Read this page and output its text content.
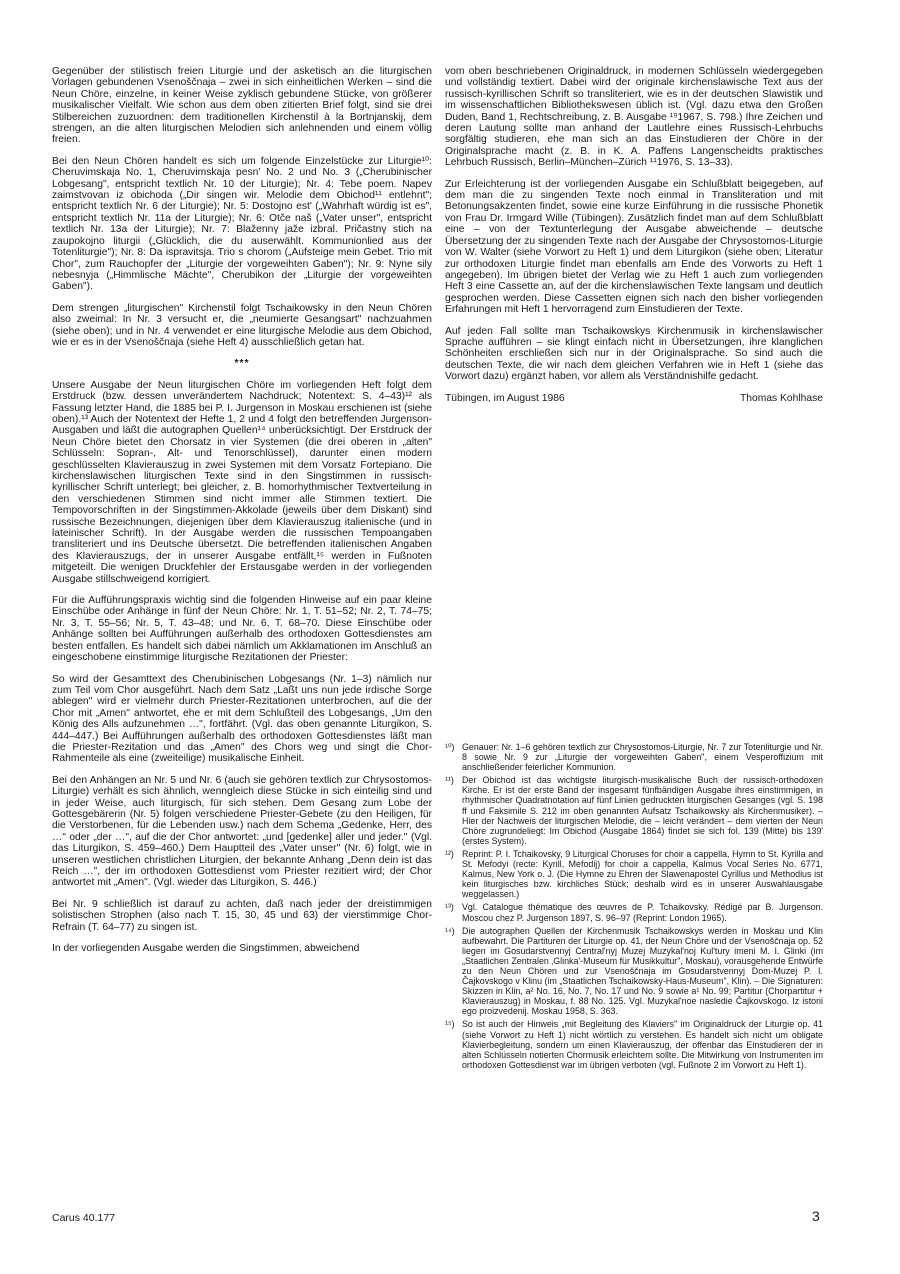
Gegenüber der stilistisch freien Liturgie und der asketisch an die liturgischen Vorlagen gebundenen Vsenoščnaja – zwei in sich einheitlichen Werken – sind die Neun Chöre, einzelne, in keiner Weise zyklisch gebundene Stücke, von größerer musikalischer Vielfalt. Wie schon aus dem oben zitierten Brief folgt, sind sie drei Stilbereichen zuzuordnen: dem traditionellen Kirchenstil à la Bortnjanskij, dem strengen, an die alten liturgischen Melodien sich anlehnenden und einem völlig freien.

Bei den Neun Chören handelt es sich um folgende Einzelstücke zur Liturgie¹⁰: Cheruvimskaja No. 1, Cheruvimskaja pesn' No. 2 und No. 3 („Cherubinischer Lobgesang", entspricht textlich Nr. 10 der Liturgie); Nr. 4: Tebe poem. Napev zaimstvovan iz obichoda („Dir singen wir. Melodie dem Obichod¹¹ entlehnt"; entspricht textlich Nr. 6 der Liturgie); Nr. 5: Dostojno est' („Wahrhaft würdig ist es", entspricht textlich Nr. 11a der Liturgie); Nr. 6: Otče naš („Vater unser", entspricht textlich Nr. 13a der Liturgie); Nr. 7: Blažennү jaže izbral. Pričastnү stich na zaupokojno liturgii („Glücklich, die du auserwählt. Kommunionlied aus der Totenliturgie"); Nr. 8: Da ispravitsja. Trio s chorom („Aufsteige mein Gebet. Trio mit Chor", zum Rauchopfer der „Liturgie der vorgeweihten Gaben"); Nr. 9: Nyne sily nebesnyja („Himmlische Mächte", Cherubikon der „Liturgie der vorgeweihten Gaben").

Dem strengen „liturgischen" Kirchenstil folgt Tschaikowsky in den Neun Chören also zweimal: In Nr. 3 versucht er, die „neumierte Gesangsart" nachzuahmen (siehe oben); und in Nr. 4 verwendet er eine liturgische Melodie aus dem Obichod, wie er es in der Vsenoščnaja (siehe Heft 4) ausschließlich getan hat.

***

Unsere Ausgabe der Neun liturgischen Chöre im vorliegenden Heft folgt dem Erstdruck (bzw. dessen unverändertem Nachdruck; Notentext: S. 4–43)¹² als Fassung letzter Hand, die 1885 bei P. I. Jurgenson in Moskau erschienen ist (siehe oben).¹³ Auch der Notentext der Hefte 1, 2 und 4 folgt den betreffenden Jurgenson-Ausgaben und läßt die autographen Quellen¹⁴ unberücksichtigt. Der Erstdruck der Neun Chöre bietet den Chorsatz in vier Systemen (die drei oberen in „alten" Schlüsseln: Sopran-, Alt- und Tenorschlüssel), darunter einen modern geschlüsselten Klavierauszug in zwei Systemen mit dem Vorsatz Fortepiano. Die kirchenslawischen liturgischen Texte sind in den Singstimmen in russisch-kyrillischer Schrift unterlegt; bei gleicher, z. B. homorhythmischer Textverteilung in den verschiedenen Stimmen sind nicht immer alle Stimmen textiert. Die Tempovorschriften in der Singstimmen-Akkolade (jeweils über dem Diskant) sind russische Bezeichnungen, diejenigen über dem Klavierauszug italienische (und in lateinischer Schrift). In der Ausgabe werden die russischen Tempoangaben transliteriert und ins Deutsche übersetzt. Die betreffenden italienischen Angaben des Klavierauszugs, der in unserer Ausgabe entfällt,¹⁵ werden in Fußnoten mitgeteilt. Die wenigen Druckfehler der Erstausgabe werden in der vorliegenden Ausgabe stillschweigend korrigiert.

Für die Aufführungspraxis wichtig sind die folgenden Hinweise auf ein paar kleine Einschübe oder Anhänge in fünf der Neun Chöre: Nr. 1, T. 51–52; Nr. 2, T. 74–75; Nr. 3, T. 55–56; Nr. 5, T. 43–48; und Nr. 6, T. 68–70. Diese Einschübe oder Anhänge sollten bei Aufführungen außerhalb des orthodoxen Gottesdienstes am besten entfallen. Es handelt sich dabei nämlich um Akklamationen im Anschluß an eingeschobene einstimmige liturgische Rezitationen der Priester:

So wird der Gesamttext des Cherubinischen Lobgesangs (Nr. 1–3) nämlich nur zum Teil vom Chor ausgeführt. Nach dem Satz „Laßt uns nun jede irdische Sorge ablegen" wird er vielmehr durch Priester-Rezitationen unterbrochen, auf die der Chor mit „Amen" antwortet, ehe er mit dem Schlußteil des Lobgesangs, „Um den König des Alls aufzunehmen …", fortfährt. (Vgl. das oben genannte Liturgikon, S. 444–447.) Bei Aufführungen außerhalb des orthodoxen Gottesdienstes läßt man die Priester-Rezitation und das „Amen" des Chors weg und singt die Chor-Rahmenteile als eine (zweiteilige) musikalische Einheit.

Bei den Anhängen an Nr. 5 und Nr. 6 (auch sie gehören textlich zur Chrysostomos-Liturgie) verhält es sich ähnlich, wenngleich diese Stücke in sich einteilig sind und in jeder Weise, auch liturgisch, für sich stehen. Dem Gesang zum Lobe der Gottesgebärerin (Nr. 5) folgen verschiedene Priester-Gebete (zu den Heiligen, für die Verstorbenen, für die Lebenden usw.) nach dem Schema „Gedenke, Herr, des …" oder „der …", auf die der Chor antwortet: „und [gedenke] aller und jeder." (Vgl. das Liturgikon, S. 459–460.) Dem Hauptteil des „Vater unser" (Nr. 6) folgt, wie in unseren westlichen christlichen Liturgien, der bekannte Anhang „Denn dein ist das Reich …", der im orthodoxen Gottesdienst vom Priester rezitiert wird; der Chor antwortet mit „Amen". (Vgl. wieder das Liturgikon, S. 446.)

Bei Nr. 9 schließlich ist darauf zu achten, daß nach jeder der dreistimmigen solistischen Strophen (also nach T. 15, 30, 45 und 63) der vierstimmige Chor-Refrain (T. 64–77) zu singen ist.

In der vorliegenden Ausgabe werden die Singstimmen, abweichend

vom oben beschriebenen Originaldruck, in modernen Schlüsseln wiedergegeben und vollständig textiert. Dabei wird der originale kirchenslawische Text aus der russisch-kyrillischen Schrift so transliteriert, wie es in der deutschen Slawistik und im wissenschaftlichen Bibliothekswesen üblich ist. (Vgl. dazu etwa den Großen Duden, Band 1, Rechtschreibung, z. B. Ausgabe ¹⁹1967, S. 798.) Ihre Zeichen und deren Lautung sollte man anhand der Lautlehre eines Russisch-Lehrbuchs sorgfältig studieren, ehe man sich an das Einstudieren der Chöre in der Originalsprache macht (z. B. in K. A. Paffens Langenscheidts praktisches Lehrbuch Russisch, Berlin–München–Zürich ¹¹1976, S. 13–33).

Zur Erleichterung ist der vorliegenden Ausgabe ein Schlußblatt beigegeben, auf dem man die zu singenden Texte noch einmal in Transliteration und mit Betonungsakzenten findet, sowie eine kurze Einführung in die russische Phonetik von Frau Dr. Irmgard Wille (Tübingen). Zusätzlich findet man auf dem Schlußblatt eine – von der Textunterlegung der Ausgabe abweichende – deutsche Übersetzung der zu singenden Texte nach der Ausgabe der Chrysostomos-Liturgie von W. Walter (siehe Vorwort zu Heft 1) und dem Liturgikon (siehe oben; Literatur zur orthodoxen Liturgie findet man ebenfalls am Ende des Vorworts zu Heft 1 angegeben). Im übrigen bietet der Verlag wie zu Heft 1 auch zum vorliegenden Heft 3 eine Cassette an, auf der die kirchenslawischen Texte langsam und deutlich gesprochen werden. Diese Cassetten eignen sich nach den bisher vorliegenden Erfahrungen mit Heft 1 hervorragend zum Einstudieren der Texte.

Auf jeden Fall sollte man Tschaikowskys Kirchenmusik in kirchenslawischer Sprache aufführen – sie klingt einfach nicht in Übersetzungen, ihre klanglichen Schönheiten erschließen sich nur in der Originalsprache. So sind auch die deutschen Texte, die wir nach dem gleichen Verfahren wie in Heft 1 (siehe das Vorwort dazu) ergänzt haben, vor allem als Verständnishilfe gedacht.

Tübingen, im August 1986	Thomas Kohlhase
¹⁰) Genauer: Nr. 1–6 gehören textlich zur Chrysostomos-Liturgie, Nr. 7 zur Totenliturgie und Nr. 8 sowie Nr. 9 zur „Liturgie der vorgeweihten Gaben", einem Vesperoffizium mit anschließender feierlicher Kommunion.
¹¹) Der Obichod ist das wichtigste liturgisch-musikalische Buch der russisch-orthodoxen Kirche. Er ist der erste Band der insgesamt fünfbändigen Ausgabe ihres einstimmigen, in rhythmischer Quadratnotation auf fünf Linien gedruckten liturgischen Gesanges (vgl. S. 198 ff und Faksimile S. 212 im oben genannten Aufsatz Tschaikowsky als Kirchenmusiker). – Hier der Nachweis der liturgischen Melodie, die – leicht verändert – dem vierten der Neun Chöre zugrundeliegt: Im Obichod (Ausgabe 1864) findet sie sich fol. 139 (Mitte) bis 139' (erstes System).
¹²) Reprint: P. I. Tchaikovsky, 9 Liturgical Choruses for choir a cappella, Hymn to St. Kyrilla and St. Mefodyi (recte: Kyrill, Mefodij) for choir a cappella, Kalmus Vocal Series No. 6771, Kalmus, New York o. J. (Die Hymne zu Ehren der Slawenapostel Cyrillus und Methodius ist kein liturgisches bzw. kirchliches Stück; deshalb wird es in unserer Auswahlausgabe weggelassen.)
¹³) Vgl. Catalogue thématique des œuvres de P. Tchaikovsky. Rédigé par B. Jurgenson. Moscou chez P. Jurgenson 1897, S. 96–97 (Reprint: London 1965).
¹⁴) Die autographen Quellen der Kirchenmusik Tschaikowskys werden in Moskau und Klin aufbewahrt. Die Partituren der Liturgie op. 41, der Neun Chöre und der Vsenoščnaja op. 52 liegen im Gosudarstvennyj Central'nyj Muzej Muzykal'noj Kul'tury imeni M. I. Glinki (im „Staatlichen Zentralen ‚Glinka'-Museum für Musikkultur", Moskau), vorausgehende Entwürfe zu den Neun Chören und zur Vsenoščnaja im Gosudarstvennyj Dom-Muzej P. I. Čajkovskogo v Klinu (im „Staatlichen Tschaikowsky-Haus-Museum", Klin). – Die Signaturen: Skizzen in Klin, a² No. 16, No. 7, No. 17 und No. 9 sowie a¹ No. 99; Partitur (Chorpartitur + Klavierauszug) in Moskau, f. 88 No. 125. Vgl. Muzykal'noe nasledie Čajkovskogo. Iz istorii ego proizvedenij. Moskau 1958, S. 363.
¹⁵) So ist auch der Hinweis „mit Begleitung des Klaviers" im Originaldruck der Liturgie op. 41 (siehe Vorwort zu Heft 1) nicht wörtlich zu verstehen. Es handelt sich nicht um obligate Klavierbegleitung, sondern um einen Klavierauszug, der offenbar das Einstudieren der in alten Schlüsseln notierten Chormusik erleichtern sollte. Die Mitwirkung von Instrumenten im orthodoxen Gottesdienst war im übrigen verboten (vgl. Fußnote 2 im Vorwort zu Heft 1).
Carus 40.177	3
